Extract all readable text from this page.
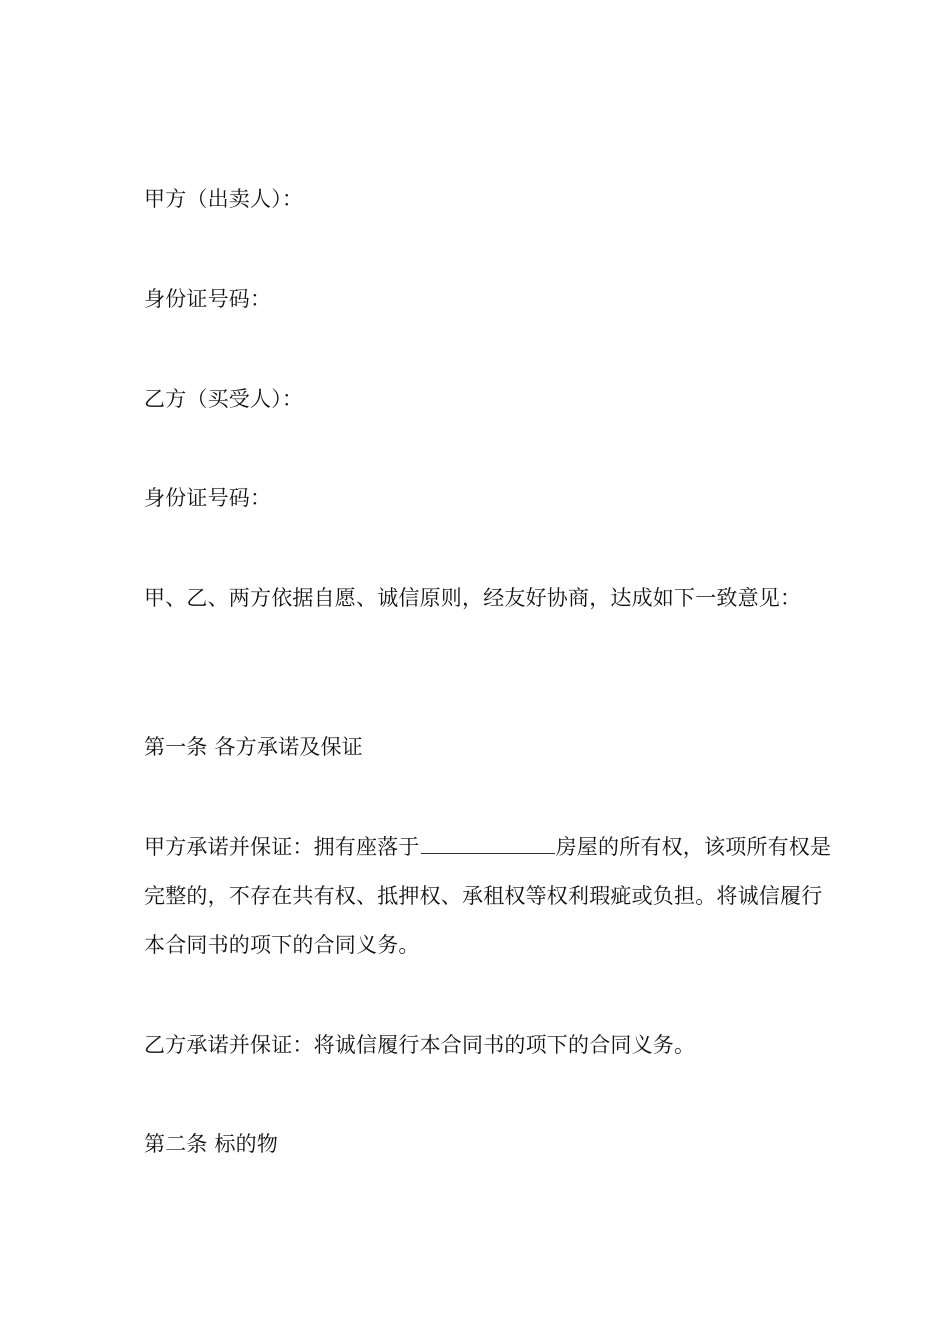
甲方（出卖人）：
身份证号码：
乙方（买受人）：
身份证号码：
甲、乙、两方依据自愿、诚信原则，经友好协商，达成如下一致意见：
第一条 各方承诺及保证
甲方承诺并保证：拥有座落于	房屋的所有权，该项所有权是完整的，不存在共有权、抵押权、承租权等权利瑕疵或负担。将诚信履行本合同书的项下的合同义务。
乙方承诺并保证：将诚信履行本合同书的项下的合同义务。
第二条 标的物
